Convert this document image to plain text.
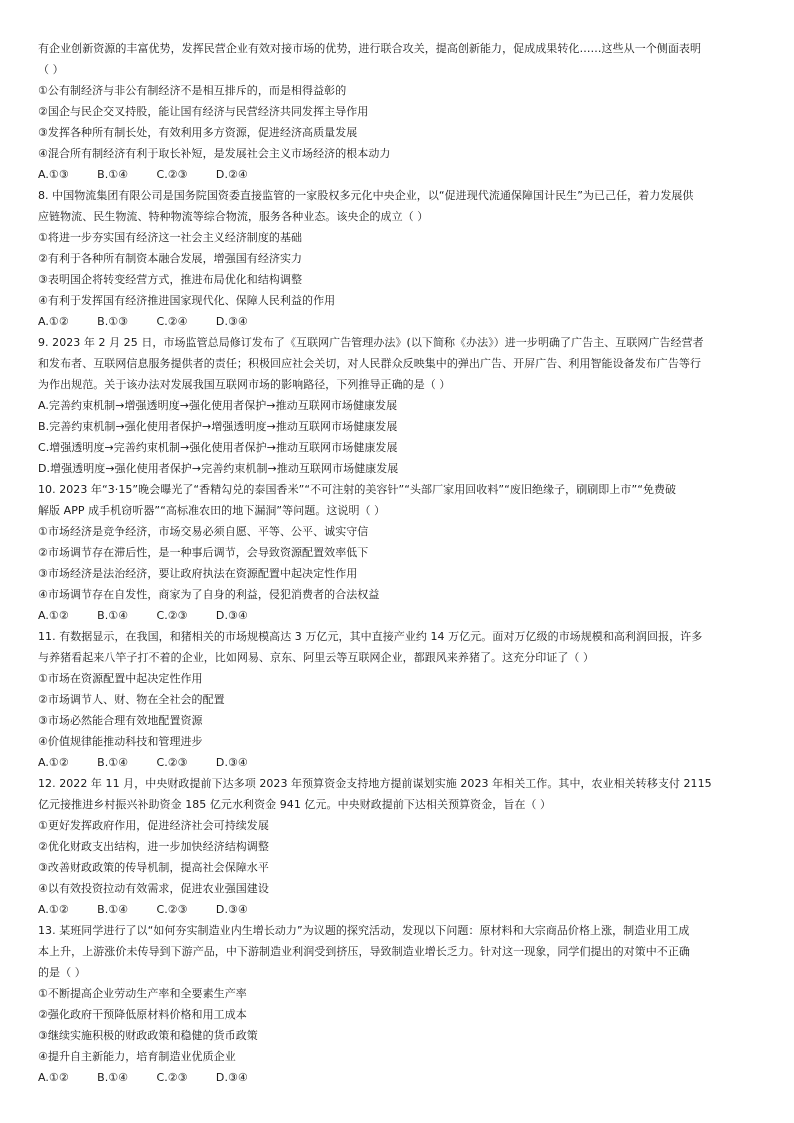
有企业创新资源的丰富优势，发挥民营企业有效对接市场的优势，进行联合攻关，提高创新能力，促成成果转化……这些从一个侧面表明
（ ）
①公有制经济与非公有制经济不是相互排斥的，而是相得益彰的
②国企与民企交叉持股，能让国有经济与民营经济共同发挥主导作用
③发挥各种所有制长处，有效利用多方资源，促进经济高质量发展
④混合所有制经济有利于取长补短，是发展社会主义市场经济的根本动力
A.①③        B.①④        C.②③        D.②④
8. 中国物流集团有限公司是国务院国资委直接监管的一家股权多元化中央企业，以“促进现代流通保障国计民生”为已己任，着力发展供
应链物流、民生物流、特种物流等综合物流，服务各种业态。该央企的成立（ ）
①将进一步夯实国有经济这一社会主义经济制度的基础
②有利于各种所有制资本融合发展，增强国有经济实力
③表明国企将转变经营方式，推进布局优化和结构调整
④有利于发挥国有经济推进国家现代化、保障人民利益的作用
A.①②        B.①③        C.②④        D.③④
9. 2023 年 2 月 25 日，市场监管总局修订发布了《互联网广告管理办法》(以下简称《办法》）进一步明确了广告主、互联网广告经营者
和发布者、互联网信息服务提供者的责任；积极回应社会关切，对人民群众反映集中的弹出广告、开屏广告、利用智能设备发布广告等行
为作出规范。关于该办法对发展我国互联网市场的影响路径，下列推导正确的是（ ）
A.完善约束机制→增强透明度→强化使用者保护→推动互联网市场健康发展
B.完善约束机制→强化使用者保护→增强透明度→推动互联网市场健康发展
C.增强透明度→完善约束机制→强化使用者保护→推动互联网市场健康发展
D.增强透明度→强化使用者保护→完善约束机制→推动互联网市场健康发展
10. 2023 年“3·15”晚会曝光了“香精勾兑的泰国香米”“不可注射的美容针”“头部厂家用回收料”“废旧绝缘子，刷刷即上市”“免费破
解版 APP 成手机窃听器”“高标准农田的地下漏洞”等问题。这说明（ ）
①市场经济是竞争经济，市场交易必须自愿、平等、公平、诚实守信
②市场调节存在滞后性，是一种事后调节，会导致资源配置效率低下
③市场经济是法治经济，要让政府执法在资源配置中起决定性作用
④市场调节存在自发性，商家为了自身的利益，侵犯消费者的合法权益
A.①②        B.①④        C.②③        D.③④
11. 有数据显示，在我国，和猪相关的市场规模高达 3 万亿元，其中直接产业约 14 万亿元。面对万亿级的市场规模和高利润回报，许多
与养猪看起来八竿子打不着的企业，比如网易、京东、阿里云等互联网企业，都跟风来养猪了。这充分印证了（ ）
①市场在资源配置中起决定性作用
②市场调节人、财、物在全社会的配置
③市场必然能合理有效地配置资源
④价值规律能推动科技和管理进步
A.①②        B.①④        C.②③        D.③④
12. 2022 年 11 月，中央财政提前下达多项 2023 年预算资金支持地方提前谋划实施 2023 年相关工作。其中，农业相关转移支付 2115
亿元接推进乡村振兴补助资金 185 亿元水利资金 941 亿元。中央财政提前下达相关预算资金，旨在（ ）
①更好发挥政府作用，促进经济社会可持续发展
②优化财政支出结构，进一步加快经济结构调整
③改善财政政策的传导机制，提高社会保障水平
④以有效投资拉动有效需求，促进农业强国建设
A.①②        B.①④        C.②③        D.③④
13. 某班同学进行了以“如何夯实制造业内生增长动力”为议题的探究活动，发现以下问题：原材料和大宗商品价格上涨，制造业用工成
本上升，上游涨价未传导到下游产品，中下游制造业利润受到挤压，导致制造业增长乏力。针对这一现象，同学们提出的对策中不正确
的是（ ）
①不断提高企业劳动生产率和全要素生产率
②强化政府干预降低原材料价格和用工成本
③继续实施积极的财政政策和稳健的货币政策
④提升自主新能力，培育制造业优质企业
A.①②        B.①④        C.②③        D.③④
